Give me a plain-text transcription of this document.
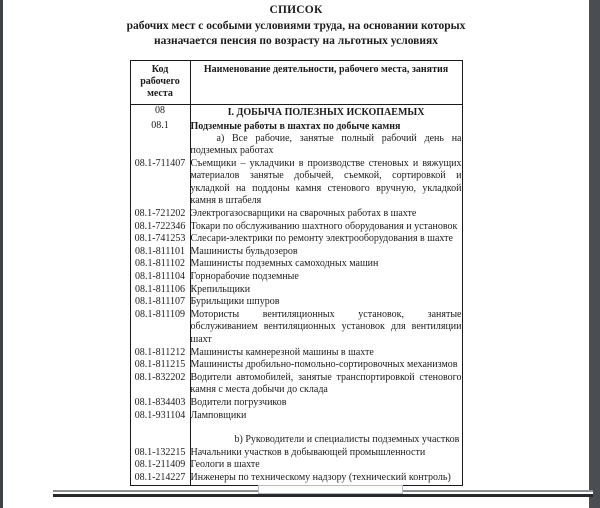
СПИСОК
рабочих мест с особыми условиями труда, на основании которых
назначается пенсия по возрасту на льготных условиях
Код рабочего места	Наименование деятельности, рабочего места, занятия
08	I. ДОБЫЧА ПОЛЕЗНЫХ ИСКОПАЕМЫХ

08.1	Подземные работы в шахтах по добыче камня
а) Все рабочие, занятые полный рабочий день на подземных работах

08.1-711407	Съемщики – укладчики в производстве стеновых и вяжущих материалов занятые добычей, съемкой, сортировкой и укладкой на поддоны камня стенового вручную, укладкой камня в штабеля
08.1-721202	Электрогазосварщики на сварочных работах в шахте
08.1-722346	Токари по обслуживанию шахтного оборудования и установок
08.1-741253	Слесари-электрики по ремонту электрооборудования в шахте
08.1-811101	Машинисты бульдозеров
08.1-811102	Машинисты подземных самоходных машин
08.1-811104	Горнорабочие подземные
08.1-811106	Крепильщики
08.1-811107	Бурильщики шпуров
08.1-811109	Мотористы вентиляционных установок, занятые обслуживанием вентиляционных установок для вентиляции шахт
08.1-811212	Машинисты камнерезной машины в шахте
08.1-811215	Машинисты дробильно-помольно-сортировочных механизмов
08.1-832202	Водители автомобилей, занятые транспортировкой стенового камня с места добычи до склада
08.1-834403	Водители погрузчиков
08.1-931104	Ламповщики

	b) Руководители и специалисты подземных участков

08.1-132215	Начальники участков в добывающей промышленности
08.1-211409	Геологи в шахте
08.1-214227	Инженеры по техническому надзору (технический контроль)
